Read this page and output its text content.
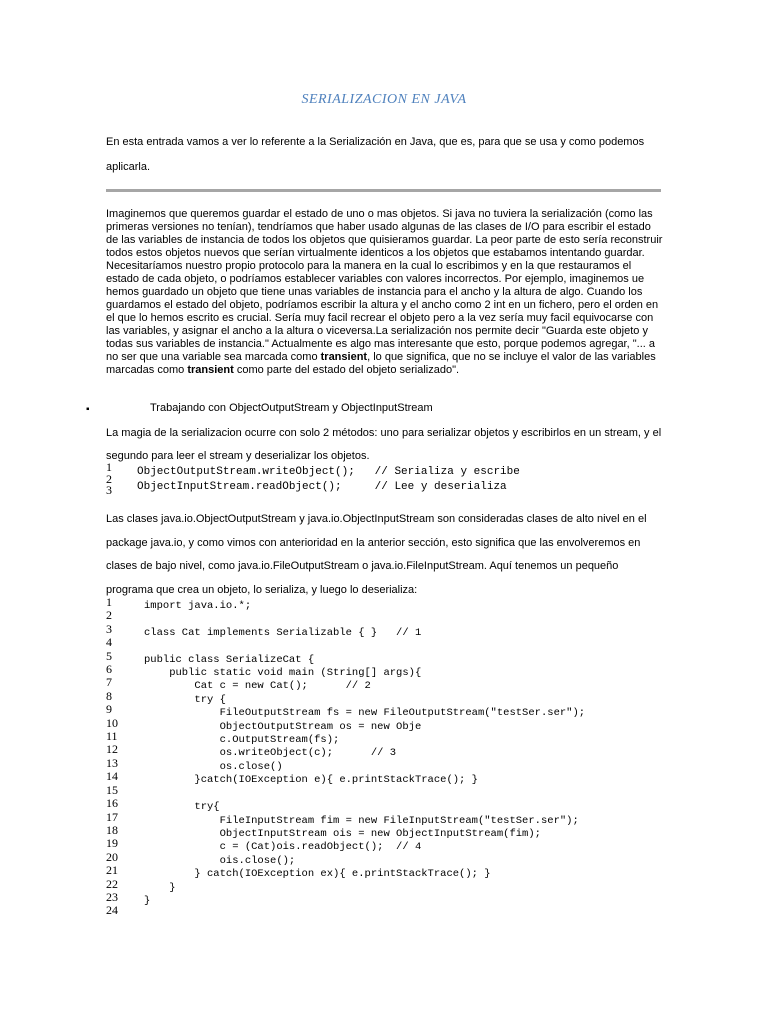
SERIALIZACION EN JAVA

En esta entrada vamos a ver lo referente a la Serialización en Java, que es, para que se usa y como podemos aplicarla.

Imaginemos que queremos guardar el estado de uno o mas objetos. Si java no tuviera la serialización (como las primeras versiones no tenían), tendríamos que haber usado algunas de las clases de I/O para escribir el estado de las variables de instancia de todos los objetos que quisieramos guardar. La peor parte de esto sería reconstruir todos estos objetos nuevos que serían virtualmente identicos a los objetos que estabamos intentando guardar. Necesitaríamos nuestro propio protocolo para la manera en la cual lo escribimos y en la que restauramos el estado de cada objeto, o podríamos establecer variables con valores incorrectos. Por ejemplo, imaginemos ue hemos guardado un objeto que tiene unas variables de instancia para el ancho y la altura de algo. Cuando los guardamos el estado del objeto, podríamos escribir la altura y el ancho como 2 int en un fichero, pero el orden en el que lo hemos escrito es crucial. Sería muy facil recrear el objeto pero a la vez sería muy facil equivocarse con las variables, y asignar el ancho a la altura o viceversa.La serialización nos permite decir "Guarda este objeto y todas sus variables de instancia." Actualmente es algo mas interesante que esto, porque podemos agregar, "... a no ser que una variable sea marcada como transient, lo que significa, que no se incluye el valor de las variables marcadas como transient como parte del estado del objeto serializado".

▪	Trabajando con ObjectOutputStream y ObjectInputStream

La magia de la serializacion ocurre con solo 2 métodos: uno para serializar objetos y escribirlos en un stream, y el segundo para leer el stream y deserializar los objetos.

1
2
3
ObjectOutputStream.writeObject();   // Serializa y escribe
ObjectInputStream.readObject();     // Lee y deserializa

Las clases java.io.ObjectOutputStream y java.io.ObjectInputStream son consideradas clases de alto nivel en el package java.io, y como vimos con anterioridad en la anterior sección, esto significa que las envolveremos en clases de bajo nivel, como java.io.FileOutputStream o java.io.FileInputStream. Aquí tenemos un pequeño programa que crea un objeto, lo serializa, y luego lo deserializa:

1
2
3
4
5
6
7
8
9
10
11
12
13
14
15
16
17
18
19
20
21
22
23
24
import java.io.*;

class Cat implements Serializable { }   // 1

public class SerializeCat {
public static void main (String[] args){
Cat c = new Cat();      // 2
try {
FileOutputStream fs = new FileOutputStream("testSer.ser");
ObjectOutputStream os = new Obje
c.OutputStream(fs);
os.writeObject(c);      // 3
os.close()
}catch(IOException e){ e.printStackTrace(); }

try{
FileInputStream fim = new FileInputStream("testSer.ser");
ObjectInputStream ois = new ObjectInputStream(fim);
c = (Cat)ois.readObject();  // 4
ois.close();
} catch(IOException ex){ e.printStackTrace(); }
}
}
